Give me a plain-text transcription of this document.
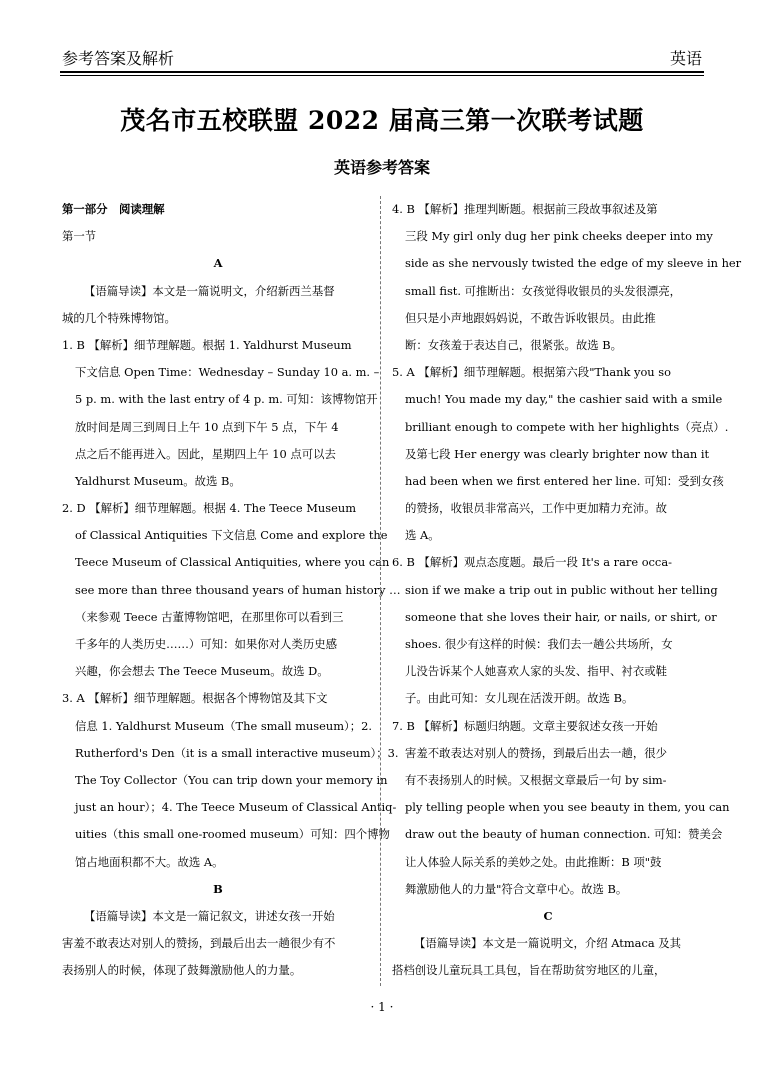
参考答案及解析	英语
茂名市五校联盟 2022 届高三第一次联考试题
英语参考答案
第一部分　阅读理解
第一节
A
【语篇导读】本文是一篇说明文，介绍新西兰基督
城的几个特殊博物馆。
1. B 【解析】细节理解题。根据 1. Yaldhurst Museum
下文信息 Open Time：Wednesday – Sunday 10 a. m. –
5 p. m. with the last entry of 4 p. m. 可知：该博物馆开
放时间是周三到周日上午 10 点到下午 5 点，下午 4
点之后不能再进入。因此，星期四上午 10 点可以去
Yaldhurst Museum。故选 B。
2. D 【解析】细节理解题。根据 4. The Teece Museum
of Classical Antiquities 下文信息 Come and explore the
Teece Museum of Classical Antiquities, where you can
see more than three thousand years of human history …
（来参观 Teece 古董博物馆吧，在那里你可以看到三
千多年的人类历史……）可知：如果你对人类历史感
兴趣，你会想去 The Teece Museum。故选 D。
3. A 【解析】细节理解题。根据各个博物馆及其下文
信息 1. Yaldhurst Museum（The small museum）；2.
Rutherford's Den（it is a small interactive museum）；3.
The Toy Collector（You can trip down your memory in
just an hour）；4. The Teece Museum of Classical Antiq-
uities（this small one-roomed museum）可知：四个博物
馆占地面积都不大。故选 A。
B
【语篇导读】本文是一篇记叙文，讲述女孩一开始
害羞不敢表达对别人的赞扬，到最后出去一趟很少有不
表扬别人的时候，体现了鼓舞激励他人的力量。
4. B 【解析】推理判断题。根据前三段故事叙述及第
三段 My girl only dug her pink cheeks deeper into my
side as she nervously twisted the edge of my sleeve in her
small fist. 可推断出：女孩觉得收银员的头发很漂亮，
但只是小声地跟妈妈说，不敢告诉收银员。由此推
断：女孩羞于表达自己，很紧张。故选 B。
5. A 【解析】细节理解题。根据第六段"Thank you so
much! You made my day," the cashier said with a smile
brilliant enough to compete with her highlights（亮点）.
及第七段 Her energy was clearly brighter now than it
had been when we first entered her line. 可知：受到女孩
的赞扬，收银员非常高兴，工作中更加精力充沛。故
选 A。
6. B 【解析】观点态度题。最后一段 It's a rare occa-
sion if we make a trip out in public without her telling
someone that she loves their hair, or nails, or shirt, or
shoes. 很少有这样的时候：我们去一趟公共场所，女
儿没告诉某个人她喜欢人家的头发、指甲、衬衣或鞋
子。由此可知：女儿现在活泼开朗。故选 B。
7. B 【解析】标题归纳题。文章主要叙述女孩一开始
害羞不敢表达对别人的赞扬，到最后出去一趟，很少
有不表扬别人的时候。又根据文章最后一句 by sim-
ply telling people when you see beauty in them, you can
draw out the beauty of human connection. 可知：赞美会
让人体验人际关系的美妙之处。由此推断：B 项"鼓
舞激励他人的力量"符合文章中心。故选 B。
C
【语篇导读】本文是一篇说明文，介绍 Atmaca 及其
搭档创设儿童玩具工具包，旨在帮助贫穷地区的儿童，
· 1 ·
